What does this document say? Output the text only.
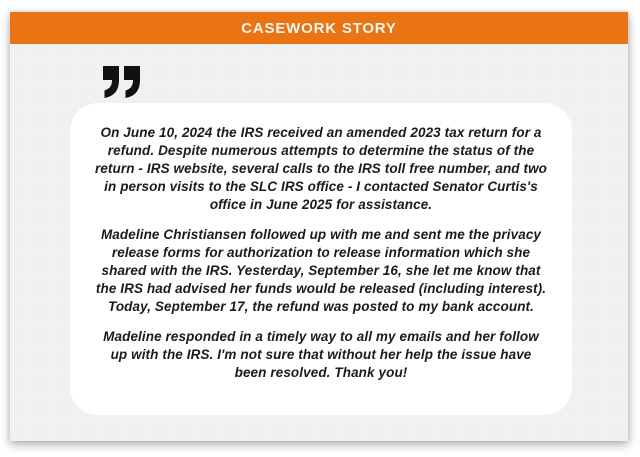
CASEWORK STORY

On June 10, 2024 the IRS received an amended 2023 tax return for a refund. Despite numerous attempts to determine the status of the return - IRS website, several calls to the IRS toll free number, and two in person visits to the SLC IRS office - I contacted Senator Curtis's office in June 2025 for assistance.

Madeline Christiansen followed up with me and sent me the privacy release forms for authorization to release information which she shared with the IRS. Yesterday, September 16, she let me know that the IRS had advised her funds would be released (including interest). Today, September 17, the refund was posted to my bank account.

Madeline responded in a timely way to all my emails and her follow up with the IRS. I'm not sure that without her help the issue have been resolved. Thank you!
